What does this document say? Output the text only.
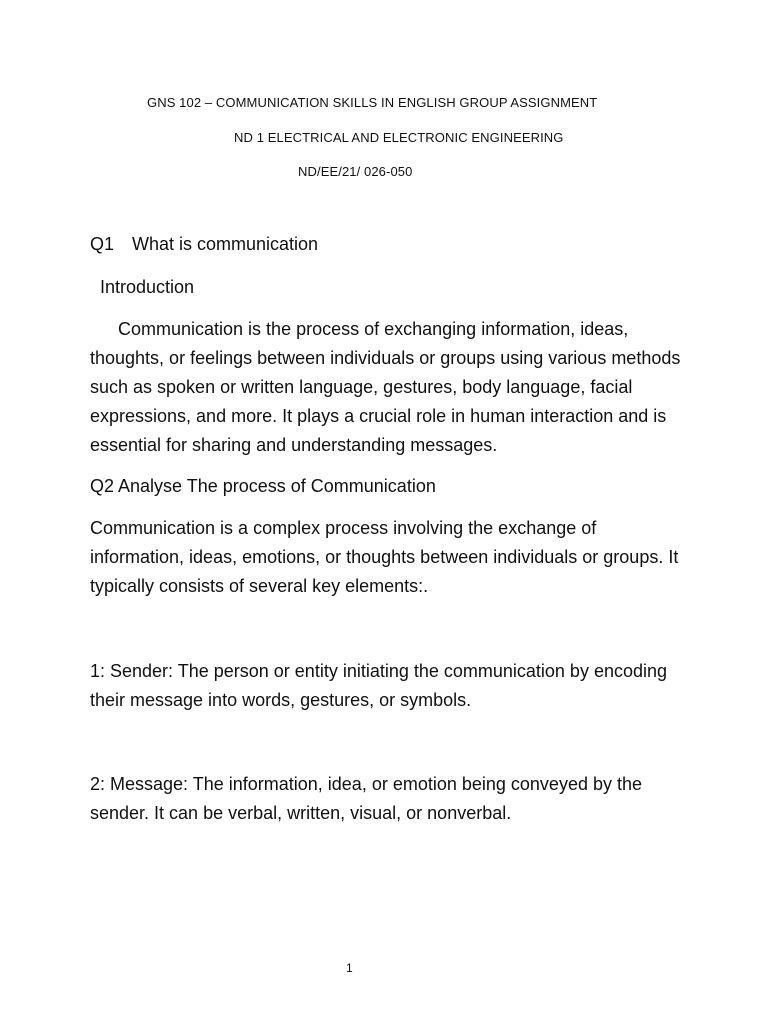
GNS 102 – COMMUNICATION SKILLS IN ENGLISH GROUP ASSIGNMENT
ND 1 ELECTRICAL AND ELECTRONIC ENGINEERING
ND/EE/21/ 026-050
Q1 What is communication
Introduction
Communication is the process of exchanging information, ideas, thoughts, or feelings between individuals or groups using various methods such as spoken or written language, gestures, body language, facial expressions, and more. It plays a crucial role in human interaction and is essential for sharing and understanding messages.
Q2 Analyse The process of Communication
Communication is a complex process involving the exchange of information, ideas, emotions, or thoughts between individuals or groups. It typically consists of several key elements:.
1: Sender: The person or entity initiating the communication by encoding their message into words, gestures, or symbols.
2: Message: The information, idea, or emotion being conveyed by the sender. It can be verbal, written, visual, or nonverbal.
1
